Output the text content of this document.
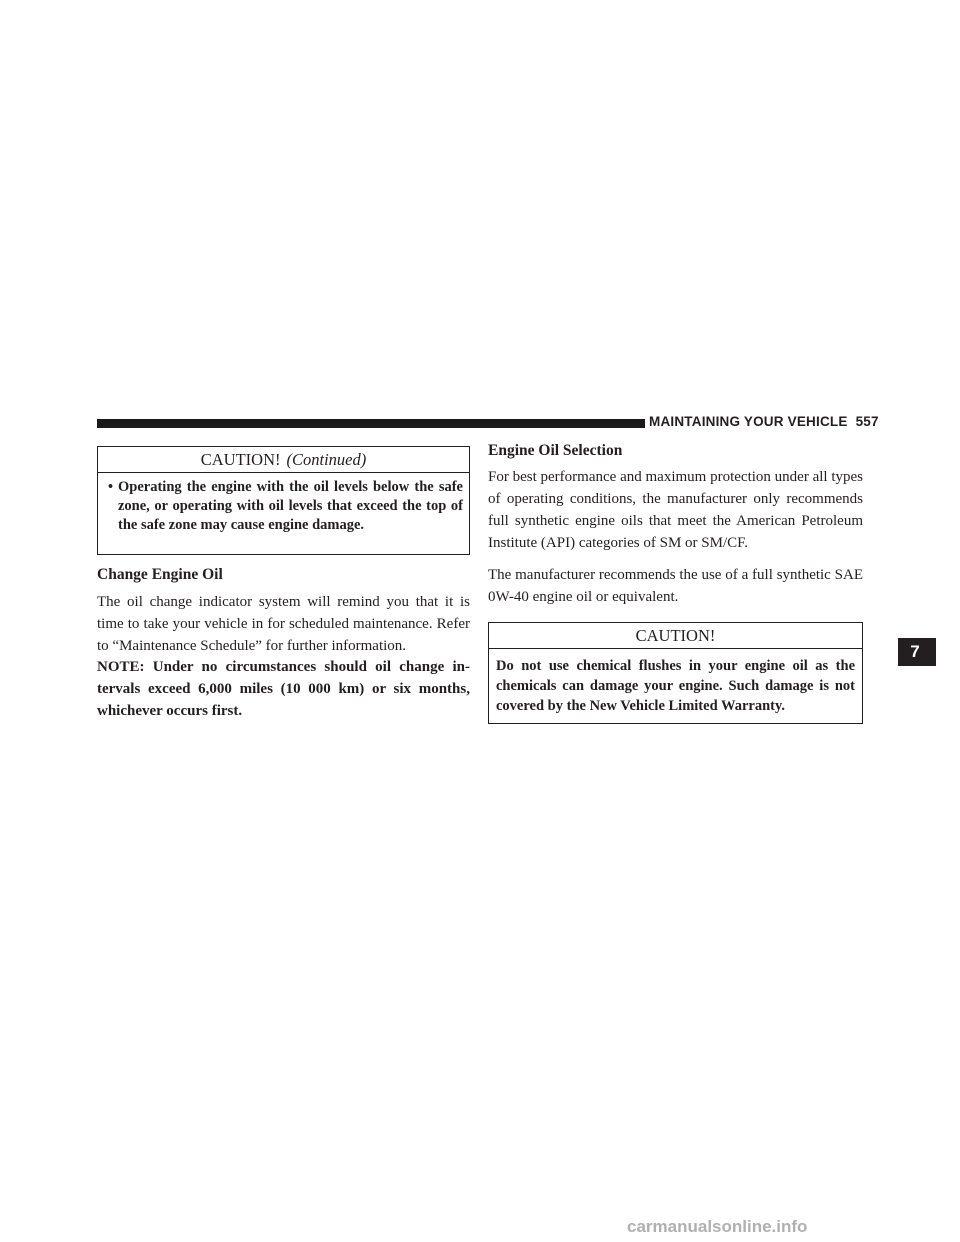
MAINTAINING YOUR VEHICLE 557
CAUTION! (Continued)
• Operating the engine with the oil levels below the safe zone, or operating with oil levels that exceed the top of the safe zone may cause engine damage.
Change Engine Oil

The oil change indicator system will remind you that it is time to take your vehicle in for scheduled maintenance. Refer to “Maintenance Schedule” for further information.

NOTE: Under no circumstances should oil change in-tervals exceed 6,000 miles (10 000 km) or six months, whichever occurs first.

Engine Oil Selection

For best performance and maximum protection under all types of operating conditions, the manufacturer only recommends full synthetic engine oils that meet the American Petroleum Institute (API) categories of SM or SM/CF.

The manufacturer recommends the use of a full synthetic SAE 0W-40 engine oil or equivalent.

CAUTION!
Do not use chemical flushes in your engine oil as the chemicals can damage your engine. Such damage is not covered by the New Vehicle Limited Warranty.
7
carmanualsonline.info
